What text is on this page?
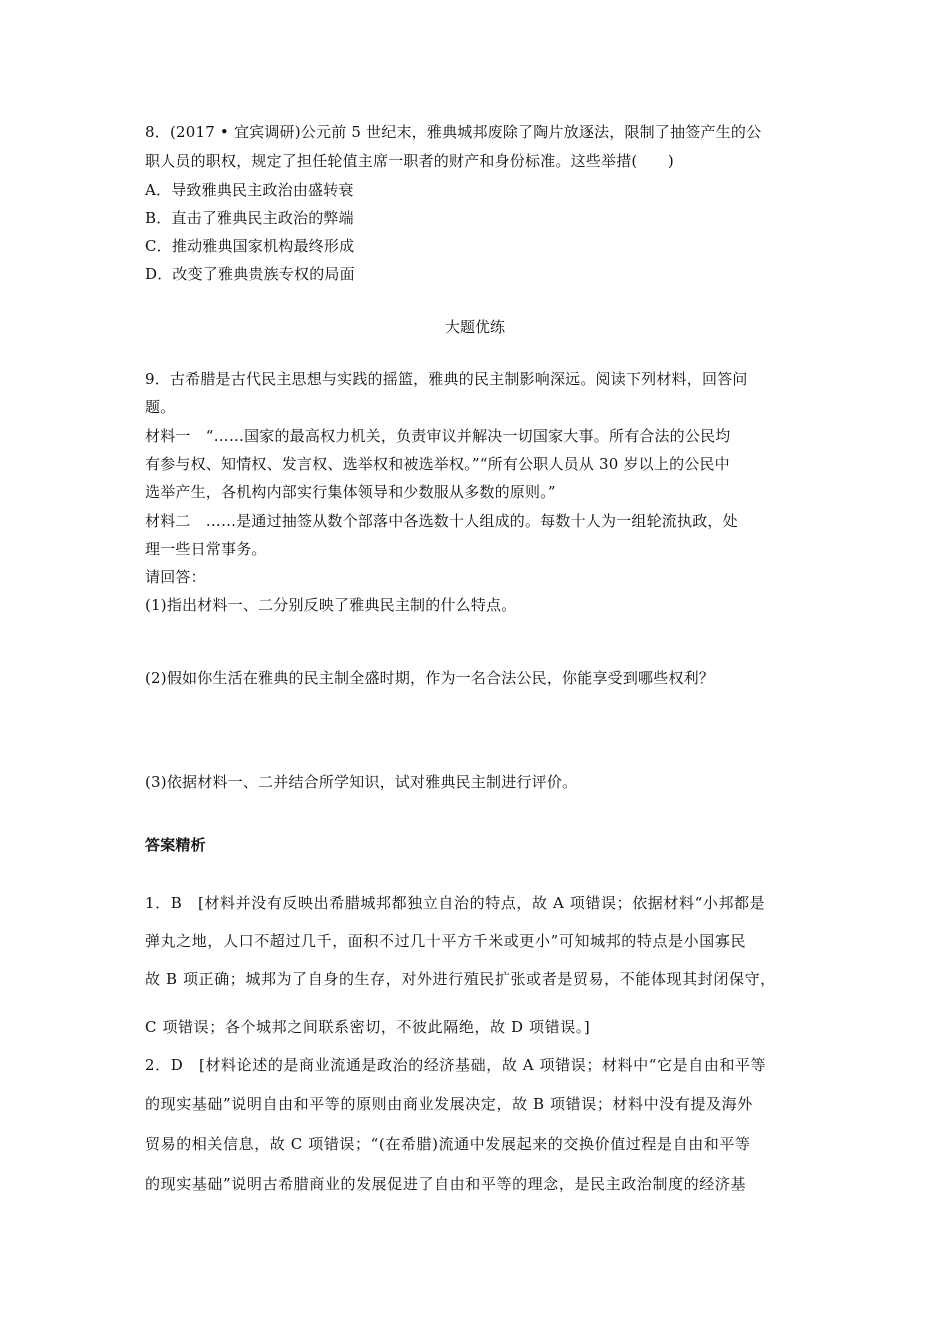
8．(2017 • 宜宾调研)公元前 5 世纪末，雅典城邦废除了陶片放逐法，限制了抽签产生的公
职人员的职权，规定了担任轮值主席一职者的财产和身份标准。这些举措(　　)
A．导致雅典民主政治由盛转衰
B．直击了雅典民主政治的弊端
C．推动雅典国家机构最终形成
D．改变了雅典贵族专权的局面
大题优练
9．古希腊是古代民主思想与实践的摇篮，雅典的民主制影响深远。阅读下列材料，回答问
题。
材料一　“……国家的最高权力机关，负责审议并解决一切国家大事。所有合法的公民均
有参与权、知情权、发言权、选举权和被选举权。”“所有公职人员从 30 岁以上的公民中
选举产生，各机构内部实行集体领导和少数服从多数的原则。”
材料二　……是通过抽签从数个部落中各选数十人组成的。每数十人为一组轮流执政，处
理一些日常事务。
请回答：
(1)指出材料一、二分别反映了雅典民主制的什么特点。
(2)假如你生活在雅典的民主制全盛时期，作为一名合法公民，你能享受到哪些权利？
(3)依据材料一、二并结合所学知识，试对雅典民主制进行评价。
答案精析
1．B　[材料并没有反映出希腊城邦都独立自治的特点，故 A 项错误；依据材料“小邦都是
弹丸之地，人口不超过几千，面积不过几十平方千米或更小”可知城邦的特点是小国寡民
故 B 项正确；城邦为了自身的生存，对外进行殖民扩张或者是贸易，不能体现其封闭保守，
C 项错误；各个城邦之间联系密切，不彼此隔绝，故 D 项错误。]
2．D　[材料论述的是商业流通是政治的经济基础，故 A 项错误；材料中“它是自由和平等
的现实基础”说明自由和平等的原则由商业发展决定，故 B 项错误；材料中没有提及海外
贸易的相关信息，故 C 项错误；“(在希腊)流通中发展起来的交换价值过程是自由和平等
的现实基础”说明古希腊商业的发展促进了自由和平等的理念，是民主政治制度的经济基
